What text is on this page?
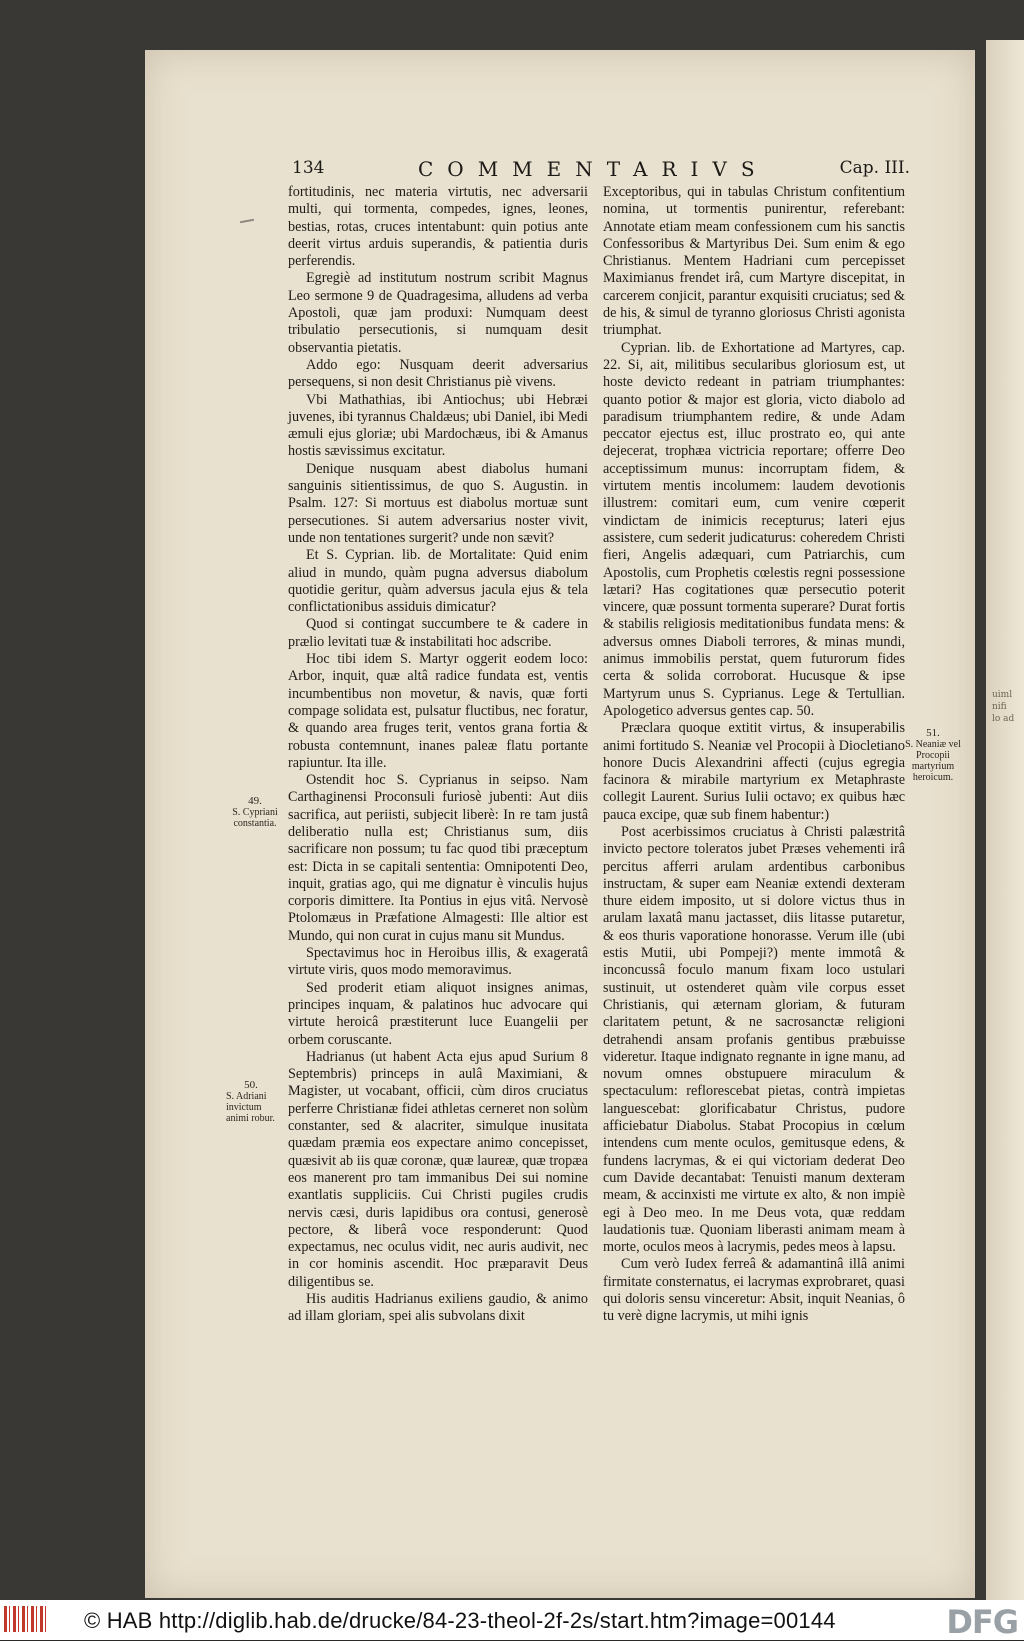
uiml
nifi
lo ad
134	COMMENTARIVS	Cap. III.

fortitudinis, nec materia virtutis, nec adversarii multi, qui tormenta, compedes, ignes, leones, bestias, rotas, cruces intentabunt: quin potius ante deerit virtus arduis superandis, & patientia duris perferendis.

Egregiè ad institutum nostrum scribit Magnus Leo sermone 9 de Quadragesima, alludens ad verba Apostoli, quæ jam produxi: Numquam deest tribulatio persecutionis, si numquam desit observantia pietatis.

Addo ego: Nusquam deerit adversarius persequens, si non desit Christianus piè vivens.

Vbi Mathathias, ibi Antiochus; ubi Hebræi juvenes, ibi tyrannus Chaldæus; ubi Daniel, ibi Medi æmuli ejus gloriæ; ubi Mardochæus, ibi & Amanus hostis sævissimus excitatur.

Denique nusquam abest diabolus humani sanguinis sitientissimus, de quo S. Augustin. in Psalm. 127: Si mortuus est diabolus mortuæ sunt persecutiones. Si autem adversarius noster vivit, unde non tentationes surgerit? unde non sævit?

Et S. Cyprian. lib. de Mortalitate: Quid enim aliud in mundo, quàm pugna adversus diabolum quotidie geritur, quàm adversus jacula ejus & tela conflictationibus assiduis dimicatur?

Quod si contingat succumbere te & cadere in prælio levitati tuæ & instabilitati hoc adscribe.

Hoc tibi idem S. Martyr oggerit eodem loco: Arbor, inquit, quæ altâ radice fundata est, ventis incumbentibus non movetur, & navis, quæ forti compage solidata est, pulsatur fluctibus, nec foratur, & quando area fruges terit, ventos grana fortia & robusta contemnunt, inanes paleæ flatu portante rapiuntur. Ita ille.

Ostendit hoc S. Cyprianus in seipso. Nam Carthaginensi Proconsuli furiosè jubenti: Aut diis sacrifica, aut periisti, subjecit liberè: In re tam justâ deliberatio nulla est; Christianus sum, diis sacrificare non possum; tu fac quod tibi præceptum est: Dicta in se capitali sententia: Omnipotenti Deo, inquit, gratias ago, qui me dignatur è vinculis hujus corporis dimittere. Ita Pontius in ejus vitâ. Nervosè Ptolomæus in Præfatione Almagesti: Ille altior est Mundo, qui non curat in cujus manu sit Mundus.

Spectavimus hoc in Heroibus illis, & exageratâ virtute viris, quos modo memoravimus.

Sed proderit etiam aliquot insignes animas, principes inquam, & palatinos huc advocare qui virtute heroicâ præstiterunt luce Euangelii per orbem coruscante.

Hadrianus (ut habent Acta ejus apud Surium 8 Septembris) princeps in aulâ Maximiani, & Magister, ut vocabant, officii, cùm diros cruciatus perferre Christianæ fidei athletas cerneret non solùm constanter, sed & alacriter, simulque inusitata quædam præmia eos expectare animo concepisset, quæsivit ab iis quæ coronæ, quæ laureæ, quæ tropæa eos manerent pro tam immanibus Dei sui nomine exantlatis suppliciis. Cui Christi pugiles crudis nervis cæsi, duris lapidibus ora contusi, generosè pectore, & liberâ voce responderunt: Quod expectamus, nec oculus vidit, nec auris audivit, nec in cor hominis ascendit. Hoc præparavit Deus diligentibus se.

His auditis Hadrianus exiliens gaudio, & animo ad illam gloriam, spei alis subvolans dixit

Exceptoribus, qui in tabulas Christum confitentium nomina, ut tormentis punirentur, referebant: Annotate etiam meam confessionem cum his sanctis Confessoribus & Martyribus Dei. Sum enim & ego Christianus. Mentem Hadriani cum percepisset Maximianus frendet irâ, cum Martyre discepitat, in carcerem conjicit, parantur exquisiti cruciatus; sed & de his, & simul de tyranno gloriosus Christi agonista triumphat.

Cyprian. lib. de Exhortatione ad Martyres, cap. 22. Si, ait, militibus secularibus gloriosum est, ut hoste devicto redeant in patriam triumphantes: quanto potior & major est gloria, victo diabolo ad paradisum triumphantem redire, & unde Adam peccator ejectus est, illuc prostrato eo, qui ante dejecerat, trophæa victricia reportare; offerre Deo acceptissimum munus: incorruptam fidem, & virtutem mentis incolumem: laudem devotionis illustrem: comitari eum, cum venire cœperit vindictam de inimicis recepturus; lateri ejus assistere, cum sederit judicaturus: coheredem Christi fieri, Angelis adæquari, cum Patriarchis, cum Apostolis, cum Prophetis cœlestis regni possessione lætari? Has cogitationes quæ persecutio poterit vincere, quæ possunt tormenta superare? Durat fortis & stabilis religiosis meditationibus fundata mens: & adversus omnes Diaboli terrores, & minas mundi, animus immobilis perstat, quem futurorum fides certa & solida corroborat. Hucusque & ipse Martyrum unus S. Cyprianus. Lege & Tertullian. Apologetico adversus gentes cap. 50.

Præclara quoque extitit virtus, & insuperabilis animi fortitudo S. Neaniæ vel Procopii à Diocletiano honore Ducis Alexandrini affecti (cujus egregia facinora & mirabile martyrium ex Metaphraste collegit Laurent. Surius Iulii octavo; ex quibus hæc pauca excipe, quæ sub finem habentur:)

Post acerbissimos cruciatus à Christi palæstritâ invicto pectore toleratos jubet Præses vehementi irâ percitus afferri arulam ardentibus carbonibus instructam, & super eam Neaniæ extendi dexteram thure eidem imposito, ut si dolore victus thus in arulam laxatâ manu jactasset, diis litasse putaretur, & eos thuris vaporatione honorasse. Verum ille (ubi estis Mutii, ubi Pompeji?) mente immotâ & inconcussâ foculo manum fixam loco ustulari sustinuit, ut ostenderet quàm vile corpus esset Christianis, qui æternam gloriam, & futuram claritatem petunt, & ne sacrosanctæ religioni detrahendi ansam profanis gentibus præbuisse videretur. Itaque indignato regnante in igne manu, ad novum omnes obstupuere miraculum & spectaculum: reflorescebat pietas, contrà impietas languescebat: glorificabatur Christus, pudore afficiebatur Diabolus. Stabat Procopius in cœlum intendens cum mente oculos, gemitusque edens, & fundens lacrymas, & ei qui victoriam dederat Deo cum Davide decantabat: Tenuisti manum dexteram meam, & accinxisti me virtute ex alto, & non impiè egi à Deo meo. In me Deus vota, quæ reddam laudationis tuæ. Quoniam liberasti animam meam à morte, oculos meos à lacrymis, pedes meos à lapsu.

Cum verò Iudex ferreâ & adamantinâ illâ animi firmitate consternatus, ei lacrymas exprobraret, quasi qui doloris sensu vinceretur: Absit, inquit Neanias, ô tu verè digne lacrymis, ut mihi ignis

49.
S. Cypriani constantia.
50.
S. Adriani invictum animi robur.
51.
S. Neaniæ vel Procopii martyrium heroicum.
© HAB http://diglib.hab.de/drucke/84-23-theol-2f-2s/start.htm?image=00144	DFG
